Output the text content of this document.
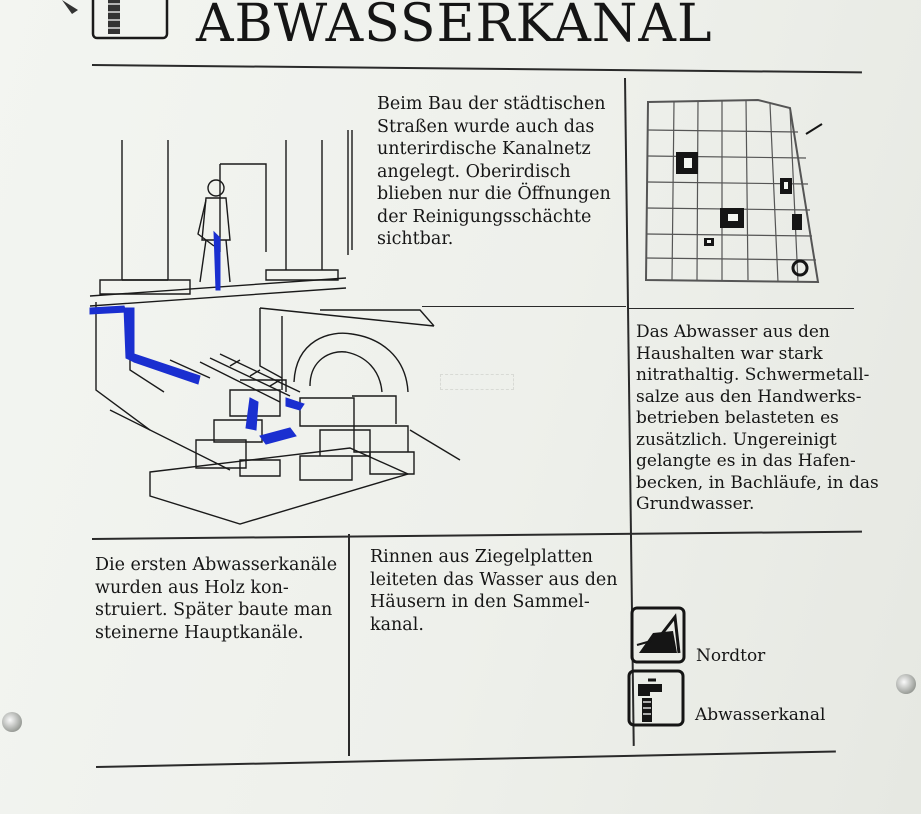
ABWASSERKANAL
Beim Bau der städtischen
Straßen wurde auch das
unterirdische Kanalnetz
angelegt. Oberirdisch
blieben nur die Öffnungen
der Reinigungsschächte
sichtbar.
Das Abwasser aus den
Haushalten war stark
nitrathaltig. Schwermetall-
salze aus den Handwerks-
betrieben belasteten es
zusätzlich. Ungereinigt
gelangte es in das Hafen-
becken, in Bachläufe, in das
Grundwasser.
Die ersten Abwasserkanäle
wurden aus Holz kon-
struiert. Später baute man
steinerne Hauptkanäle.
Rinnen aus Ziegelplatten
leiteten das Wasser aus den
Häusern in den Sammel-
kanal.
Nordtor
Abwasserkanal
